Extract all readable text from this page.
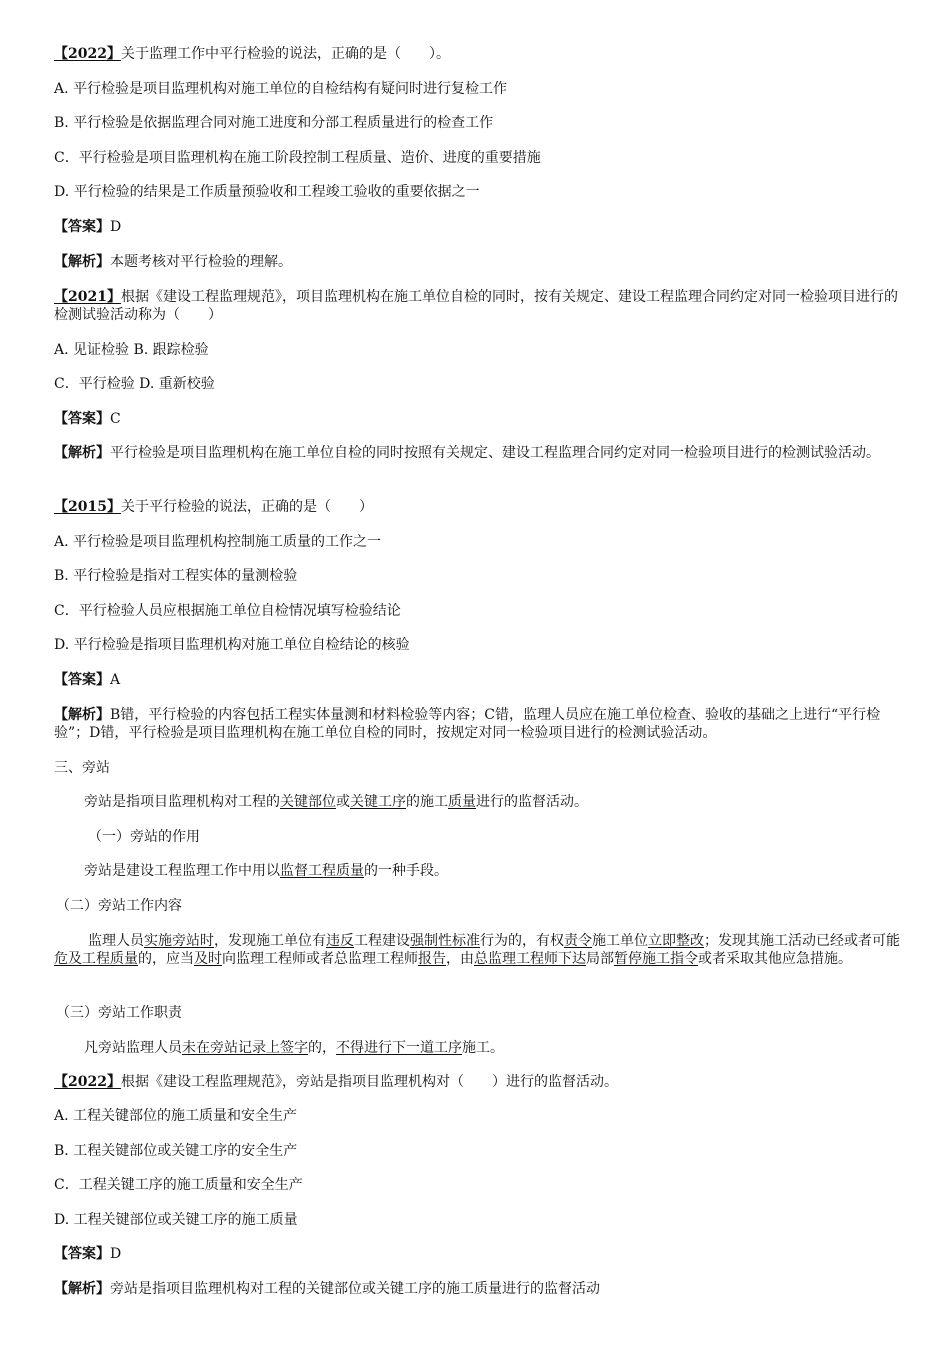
【2022】关于监理工作中平行检验的说法，正确的是（　　）。
A. 平行检验是项目监理机构对施工单位的自检结构有疑问时进行复检工作
B. 平行检验是依据监理合同对施工进度和分部工程质量进行的检查工作
C．平行检验是项目监理机构在施工阶段控制工程质量、造价、进度的重要措施
D. 平行检验的结果是工作质量预验收和工程竣工验收的重要依据之一
【答案】D
【解析】本题考核对平行检验的理解。
【2021】根据《建设工程监理规范》，项目监理机构在施工单位自检的同时，按有关规定、建设工程监理合同约定对同一检验项目进行的检测试验活动称为（　　）
A. 见证检验 B. 跟踪检验
C．平行检验 D. 重新校验
【答案】C
【解析】平行检验是项目监理机构在施工单位自检的同时按照有关规定、建设工程监理合同约定对同一检验项目进行的检测试验活动。
【2015】关于平行检验的说法，正确的是（　　）
A. 平行检验是项目监理机构控制施工质量的工作之一
B. 平行检验是指对工程实体的量测检验
C．平行检验人员应根据施工单位自检情况填写检验结论
D. 平行检验是指项目监理机构对施工单位自检结论的核验
【答案】A
【解析】B错，平行检验的内容包括工程实体量测和材料检验等内容；C错，监理人员应在施工单位检查、验收的基础之上进行“平行检验”；D错，平行检验是项目监理机构在施工单位自检的同时，按规定对同一检验项目进行的检测试验活动。
三、旁站
旁站是指项目监理机构对工程的关键部位或关键工序的施工质量进行的监督活动。
（一）旁站的作用
旁站是建设工程监理工作中用以监督工程质量的一种手段。
（二）旁站工作内容
监理人员实施旁站时，发现施工单位有违反工程建设强制性标准行为的，有权责令施工单位立即整改；发现其施工活动已经或者可能危及工程质量的，应当及时向监理工程师或者总监理工程师报告，由总监理工程师下达局部暂停施工指令或者采取其他应急措施。
（三）旁站工作职责
凡旁站监理人员未在旁站记录上签字的，不得进行下一道工序施工。
【2022】根据《建设工程监理规范》，旁站是指项目监理机构对（　　）进行的监督活动。
A. 工程关键部位的施工质量和安全生产
B. 工程关键部位或关键工序的安全生产
C．工程关键工序的施工质量和安全生产
D. 工程关键部位或关键工序的施工质量
【答案】D
【解析】旁站是指项目监理机构对工程的关键部位或关键工序的施工质量进行的监督活动
